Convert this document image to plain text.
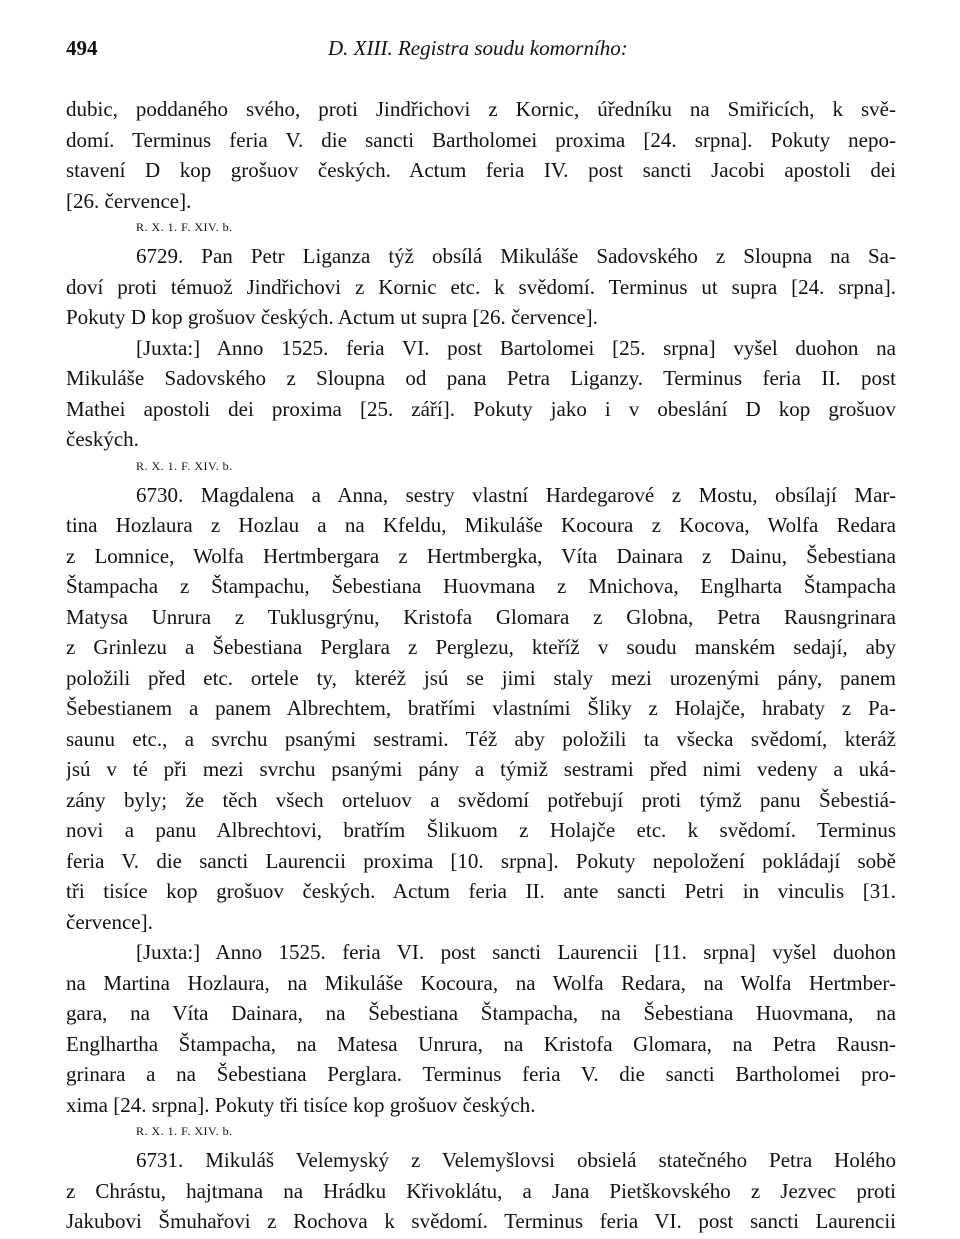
494	D. XIII. Registra soudu komorního:
dubic, poddaného svého, proti Jindřichovi z Kornic, úředníku na Smiřicích, k svě-
domí. Terminus feria V. die sancti Bartholomei proxima [24. srpna]. Pokuty nepo-
stavení D kop grošuov českých. Actum feria IV. post sancti Jacobi apostoli dei
[26. července].
R. X. 1. F. XIV. b.
6729. Pan Petr Liganza týž obsílá Mikuláše Sadovského z Sloupna na Sa-
doví proti témuož Jindřichovi z Kornic etc. k svědomí. Terminus ut supra [24. srpna].
Pokuty D kop grošuov českých. Actum ut supra [26. července].
[Juxta:] Anno 1525. feria VI. post Bartolomei [25. srpna] vyšel duohon na
Mikuláše Sadovského z Sloupna od pana Petra Liganzy. Terminus feria II. post
Mathei apostoli dei proxima [25. září]. Pokuty jako i v obeslání D kop grošuov
českých.
R. X. 1. F. XIV. b.
6730. Magdalena a Anna, sestry vlastní Hardegarové z Mostu, obsílají Mar-
tina Hozlaura z Hozlau a na Kfeldu, Mikuláše Kocoura z Kocova, Wolfa Redara
z Lomnice, Wolfa Hertmbergara z Hertmbergka, Víta Dainara z Dainu, Šebestiana
Štampacha z Štampachu, Šebestiana Huovmana z Mnichova, Englharta Štampacha
Matysa Unrura z Tuklusgrýnu, Kristofa Glomara z Globna, Petra Rausngrinara
z Grinlezu a Šebestiana Perglara z Perglezu, kteříž v soudu manském sedají, aby
položili před etc. ortele ty, kteréž jsú se jimi staly mezi urozenými pány, panem
Šebestianem a panem Albrechtem, bratřími vlastními Šliky z Holajče, hrabaty z Pa-
saunu etc., a svrchu psanými sestrami. Též aby položili ta všecka svědomí, kteráž
jsú v té při mezi svrchu psanými pány a týmiž sestrami před nimi vedeny a uká-
zány byly; že těch všech orteluov a svědomí potřebují proti týmž panu Šebestiá-
novi a panu Albrechtovi, bratřím Šlikuom z Holajče etc. k svědomí. Terminus
feria V. die sancti Laurencii proxima [10. srpna]. Pokuty nepoložení pokládají sobě
tři tisíce kop grošuov českých. Actum feria II. ante sancti Petri in vinculis [31.
července].
[Juxta:] Anno 1525. feria VI. post sancti Laurencii [11. srpna] vyšel duohon
na Martina Hozlaura, na Mikuláše Kocoura, na Wolfa Redara, na Wolfa Hertmber-
gara, na Víta Dainara, na Šebestiana Štampacha, na Šebestiana Huovmana, na
Englhartha Štampacha, na Matesa Unrura, na Kristofa Glomara, na Petra Rausn-
grinara a na Šebestiana Perglara. Terminus feria V. die sancti Bartholomei pro-
xima [24. srpna]. Pokuty tři tisíce kop grošuov českých.
R. X. 1. F. XIV. b.
6731. Mikuláš Velemyský z Velemyšlovsi obsielá statečného Petra Holého
z Chrástu, hajtmana na Hrádku Křivoklátu, a Jana Pietškovského z Jezvec proti
Jakubovi Šmuhařovi z Rochova k svědomí. Terminus feria VI. post sancti Laurencii
